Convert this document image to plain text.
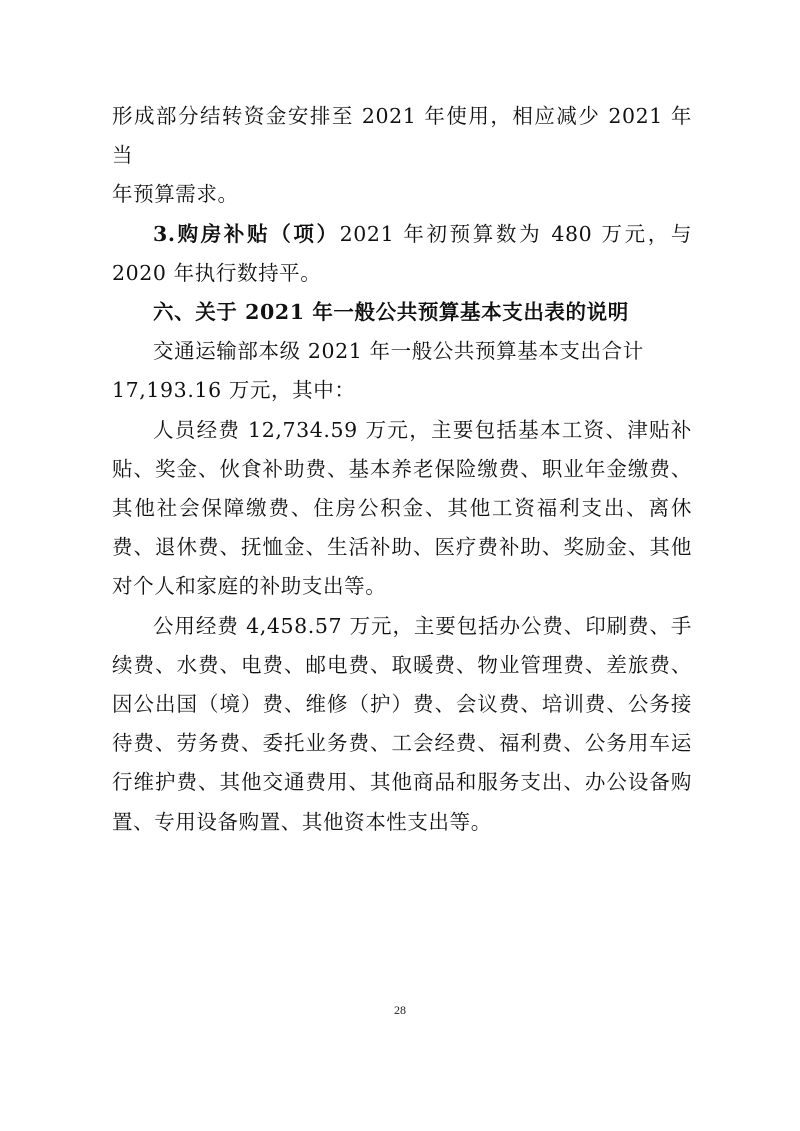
形成部分结转资金安排至 2021 年使用，相应减少 2021 年当

年预算需求。

3.购房补贴（项）2021 年初预算数为 480 万元，与 2020 年执行数持平。

六、关于 2021 年一般公共预算基本支出表的说明

交通运输部本级 2021 年一般公共预算基本支出合计

17,193.16 万元，其中：

人员经费 12,734.59 万元，主要包括基本工资、津贴补贴、奖金、伙食补助费、基本养老保险缴费、职业年金缴费、其他社会保障缴费、住房公积金、其他工资福利支出、离休费、退休费、抚恤金、生活补助、医疗费补助、奖励金、其他对个人和家庭的补助支出等。

公用经费 4,458.57 万元，主要包括办公费、印刷费、手续费、水费、电费、邮电费、取暖费、物业管理费、差旅费、因公出国（境）费、维修（护）费、会议费、培训费、公务接待费、劳务费、委托业务费、工会经费、福利费、公务用车运行维护费、其他交通费用、其他商品和服务支出、办公设备购置、专用设备购置、其他资本性支出等。

28
